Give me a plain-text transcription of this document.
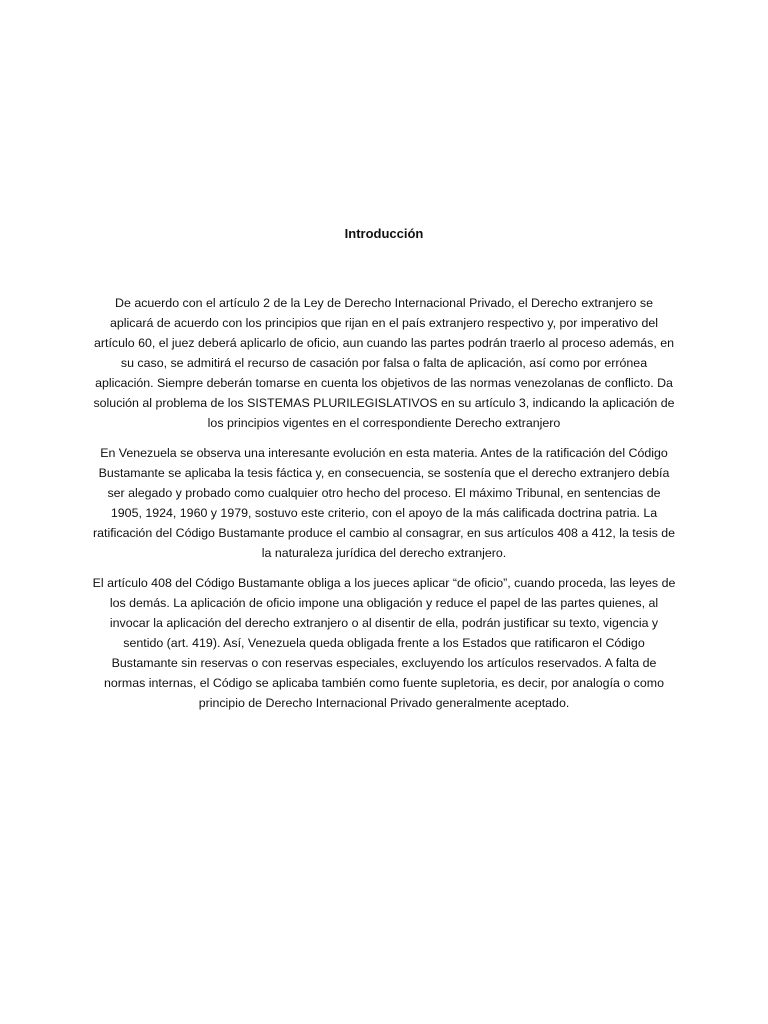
Introducción

De acuerdo con el artículo 2 de la Ley de Derecho Internacional Privado, el Derecho extranjero se aplicará de acuerdo con los principios que rijan en el país extranjero respectivo y, por imperativo del artículo 60, el juez deberá aplicarlo de oficio, aun cuando las partes podrán traerlo al proceso además, en su caso, se admitirá el recurso de casación por falsa o falta de aplicación, así como por errónea aplicación. Siempre deberán tomarse en cuenta los objetivos de las normas venezolanas de conflicto. Da solución al problema de los SISTEMAS PLURILEGISLATIVOS en su artículo 3, indicando la aplicación de los principios vigentes en el correspondiente Derecho extranjero

En Venezuela se observa una interesante evolución en esta materia. Antes de la ratificación del Código Bustamante se aplicaba la tesis fáctica y, en consecuencia, se sostenía que el derecho extranjero debía ser alegado y probado como cualquier otro hecho del proceso. El máximo Tribunal, en sentencias de 1905, 1924, 1960 y 1979, sostuvo este criterio, con el apoyo de la más calificada doctrina patria. La ratificación del Código Bustamante produce el cambio al consagrar, en sus artículos 408 a 412, la tesis de la naturaleza jurídica del derecho extranjero.

El artículo 408 del Código Bustamante obliga a los jueces aplicar “de oficio”, cuando proceda, las leyes de los demás. La aplicación de oficio impone una obligación y reduce el papel de las partes quienes, al invocar la aplicación del derecho extranjero o al disentir de ella, podrán justificar su texto, vigencia y sentido (art. 419). Así, Venezuela queda obligada frente a los Estados que ratificaron el Código Bustamante sin reservas o con reservas especiales, excluyendo los artículos reservados. A falta de normas internas, el Código se aplicaba también como fuente supletoria, es decir, por analogía o como principio de Derecho Internacional Privado generalmente aceptado.
